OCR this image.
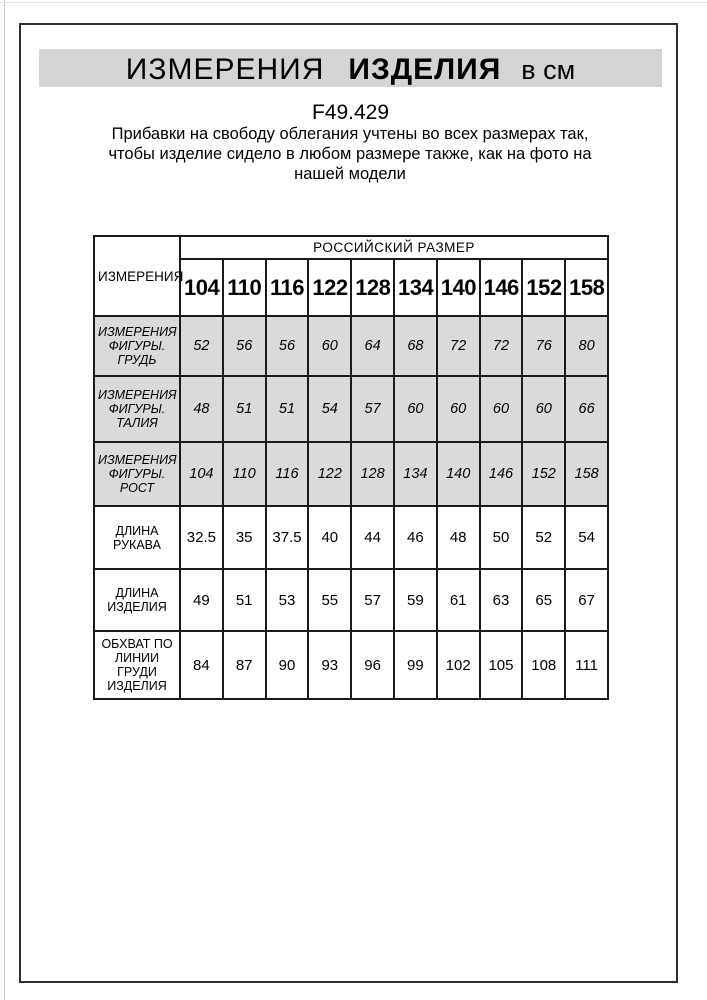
ИЗМЕРЕНИЯ ИЗДЕЛИЯ в см
F49.429
Прибавки на свободу облегания учтены во всех размерах так, чтобы изделие сидело в любом размере также, как на фото на нашей модели
ИЗМЕРЕНИЯ	РОССИЙСКИЙ РАЗМЕР									
	104	110	116	122	128	134	140	146	152	158
ИЗМЕРЕНИЯ ФИГУРЫ. ГРУДЬ	52	56	56	60	64	68	72	72	76	80
ИЗМЕРЕНИЯ ФИГУРЫ. ТАЛИЯ	48	51	51	54	57	60	60	60	60	66
ИЗМЕРЕНИЯ ФИГУРЫ. РОСТ	104	110	116	122	128	134	140	146	152	158
ДЛИНА РУКАВА	32.5	35	37.5	40	44	46	48	50	52	54
ДЛИНА ИЗДЕЛИЯ	49	51	53	55	57	59	61	63	65	67
ОБХВАТ ПО ЛИНИИ ГРУДИ ИЗДЕЛИЯ	84	87	90	93	96	99	102	105	108	111
